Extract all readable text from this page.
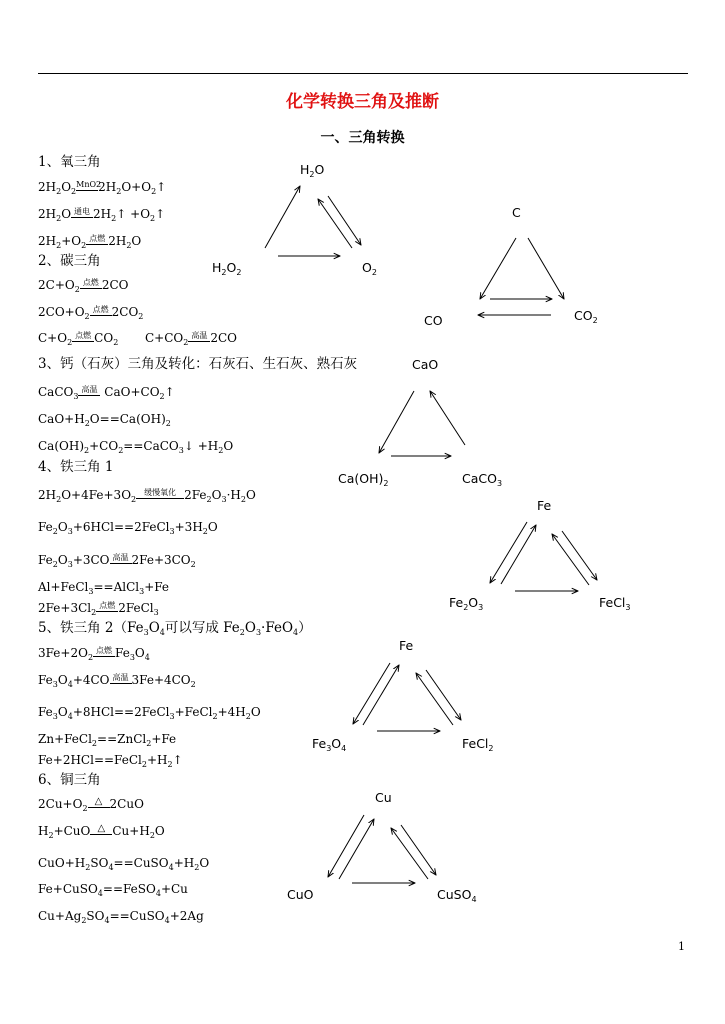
化学转换三角及推断
一、三角转换
1、氧三角
$2H_2O_2$
MnO2
$2H_2O+O_2↑$
$2H_2O$ 通电 $2H_2↑$ $+O_2↑$
$2H_2+O_2$
点燃 $2H_2O$
2、碳三角
$2C+O_2$
点燃 2CO
$2CO+O_2$
点燃 $2CO_2$
$C+O_2$
点燃 $CO_2$ $C+CO_2$
高温 2CO
3、钙（石灰）三角及转化：石灰石、生石灰、熟石灰
CaCO$_3$
高温 $CaO+CO_2↑$
$CaO+H_2O==Ca(OH)_2$
$Ca(OH)_2+CO_2==CaCO_3↓ +H_2O$
4、铁三角 1
$2H_2O+4Fe+3O_2$
缓慢氧化 $2Fe_2O_3\cdot H_2O$
$Fe_2O_3+6HCl==2FeCl_3+3H_2O$
$Fe_2O_3+3CO$ 高温 $2Fe+3CO_2$
Al+FeCl$_3$==AlCl$_3$+Fe
$2Fe+3Cl_2$
点燃 2FeCl$_3$
5、铁三角 $2(Fe_3O_4$可以写成 $Fe_2O_3\cdot FeO_4$）
$3Fe+2O_2$
点燃 $Fe_3O_4$
$Fe_3O_4+4CO$ 高温 $3Fe+4CO_2$
$Fe_3O_4+8HCl==2FeCl_3+FeCl_2+4H_2O$
Zn+FeCl$_2$==ZnCl$_2$+Fe
$Fe+2HCl==FeCl_2+H_2↑$
6、铜三角
$2Cu+O_2$
△ 2CuO
$H_2+CuO$ △ $Cu+H_2O$
$CuO+H_2SO_4==CuSO_4+H_2O$
Fe+CuSO$_4$==FeSO$_4$+Cu
$Cu+Ag_2SO_4==CuSO_4+2Ag$
$H_2O$
$H_2O_2$	$O_2$
C
CO	$CO_2$
CaO
$Ca(OH)_2$	CaCO$_3$
Fe
$Fe_2O_3$	FeCl$_3$
Fe
$Fe_3O_4$	FeCl$_2$
Cu
CuO	CuSO$_4$
1
